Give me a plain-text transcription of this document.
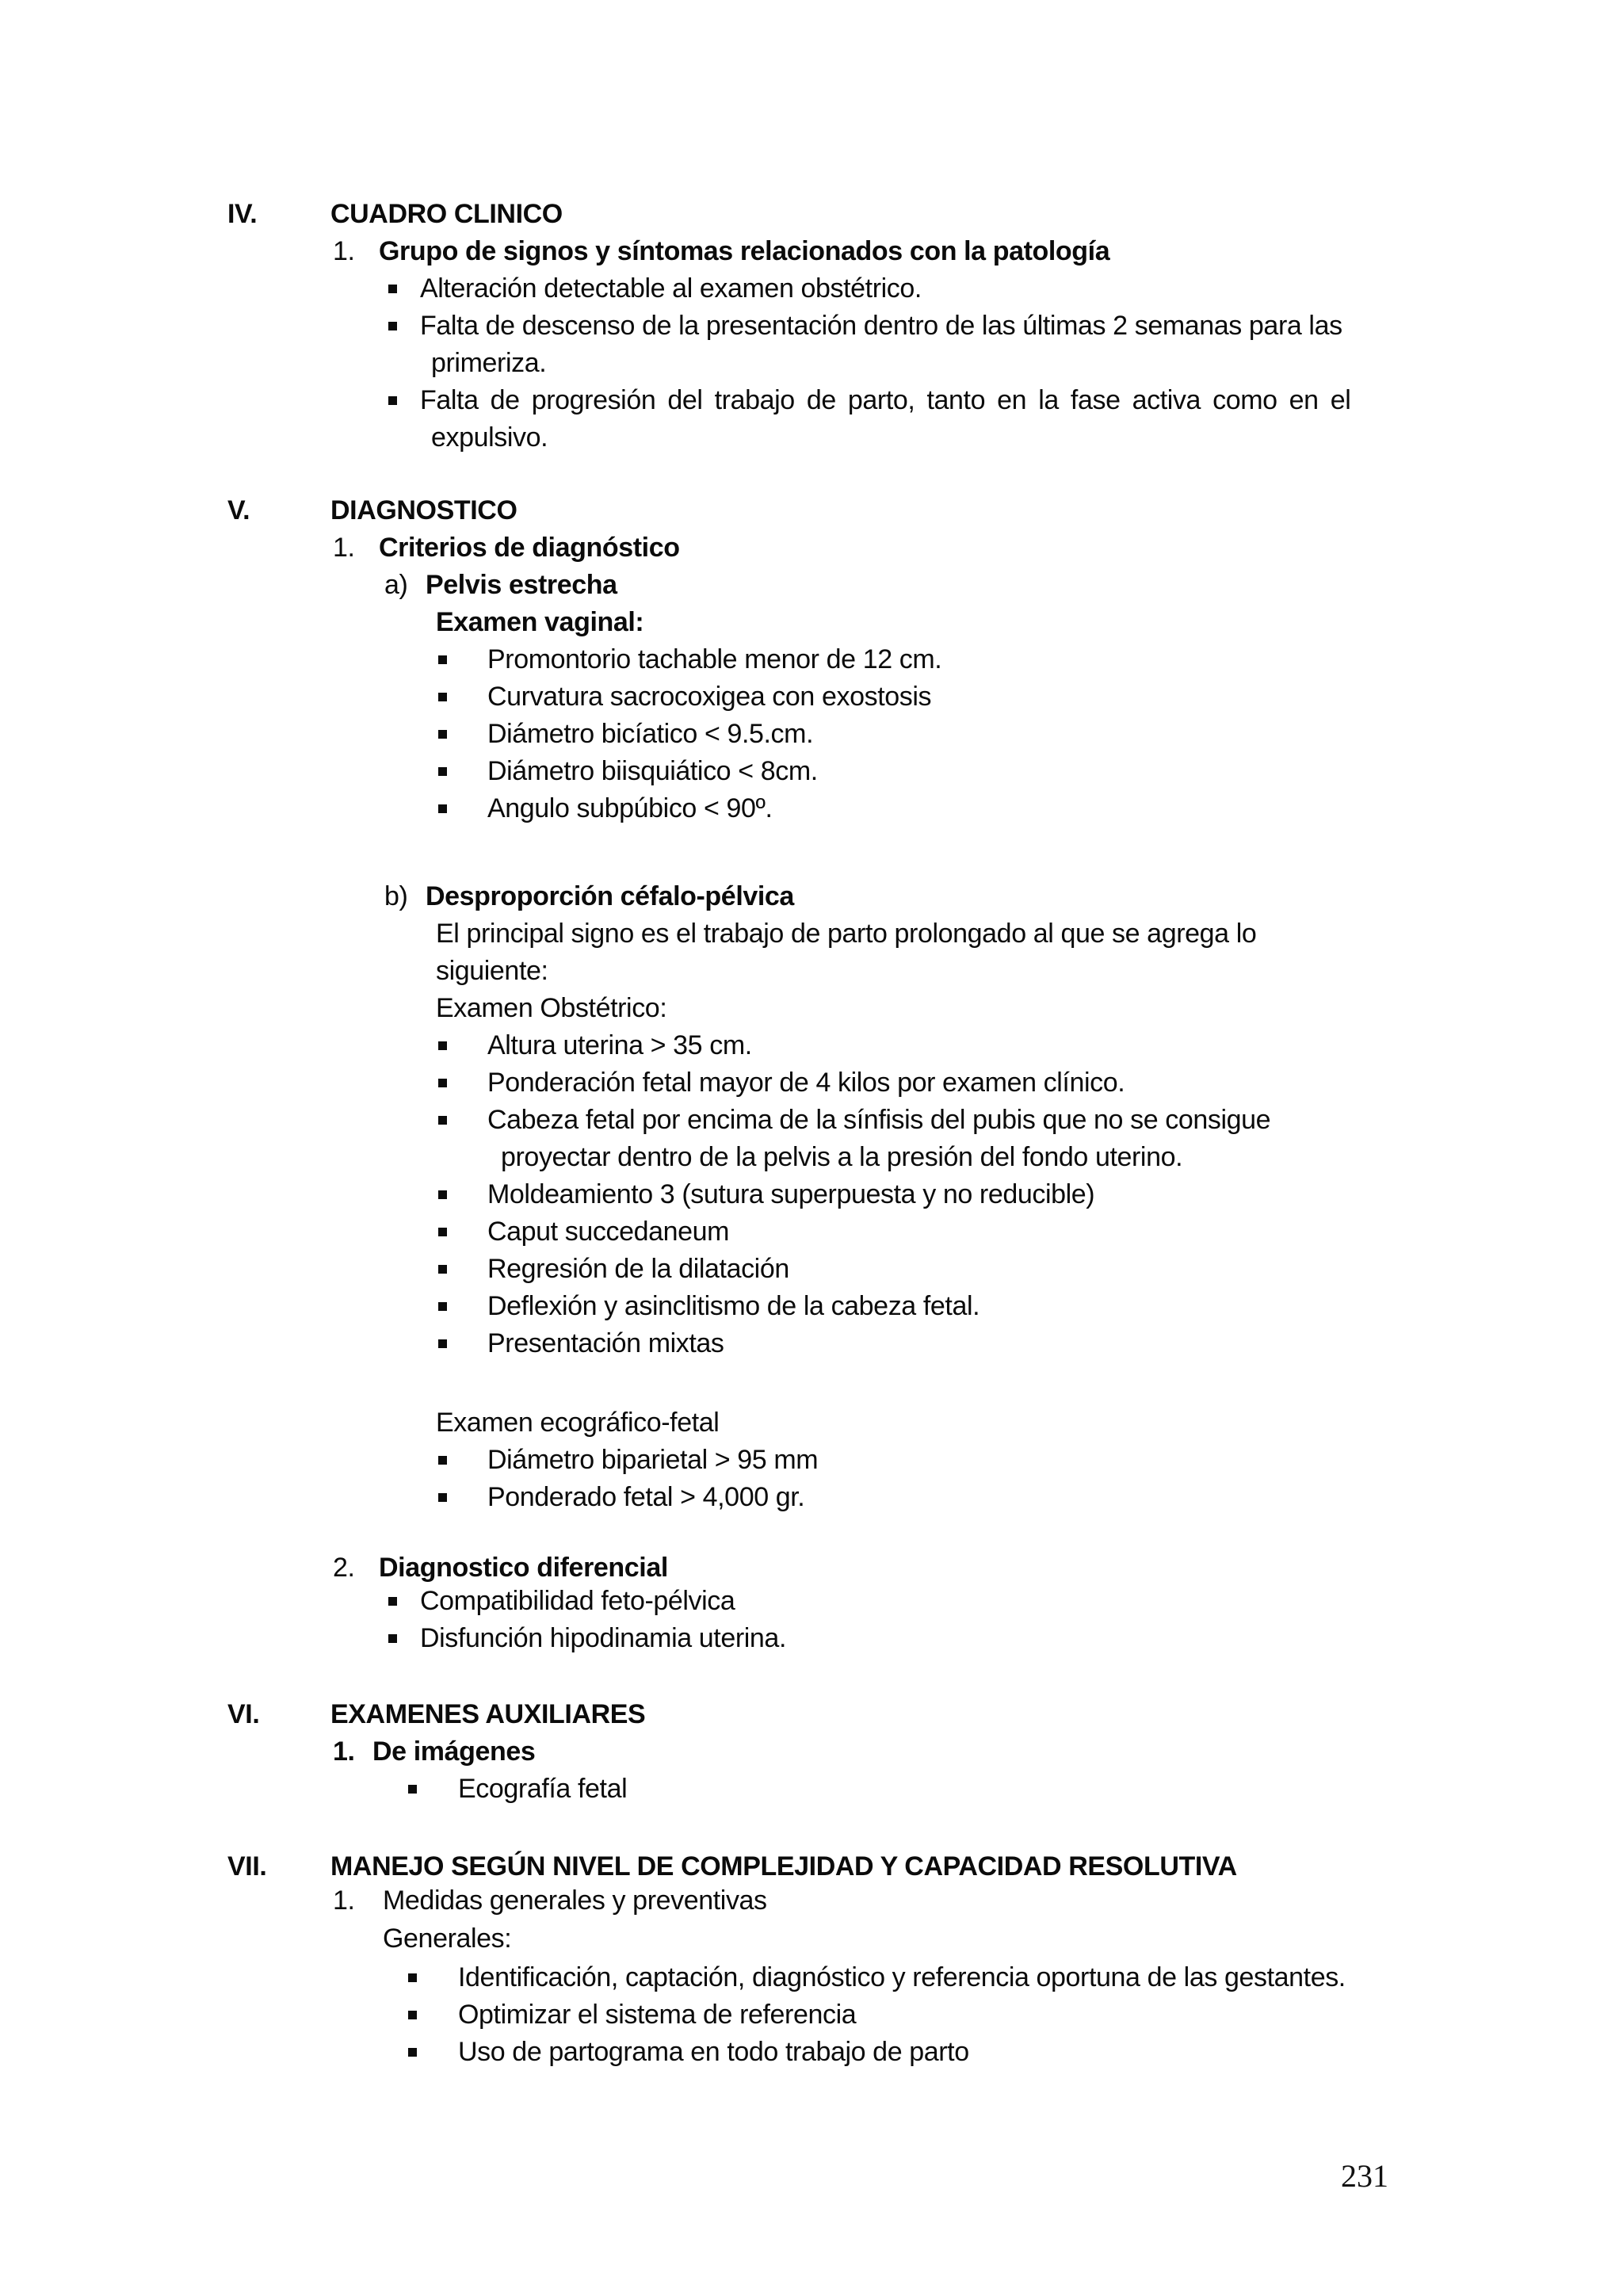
IV.	CUADRO CLINICO
1. Grupo de signos y síntomas relacionados con la patología
Alteración detectable al examen obstétrico.
Falta de descenso de la presentación dentro de las últimas 2 semanas para las
primeriza.
Falta de progresión del trabajo de parto, tanto en la fase activa como en el
expulsivo.
V.	DIAGNOSTICO
1. Criterios de diagnóstico
a) Pelvis estrecha
Examen vaginal:
Promontorio tachable menor de 12 cm.
Curvatura sacrocoxigea con exostosis
Diámetro bicíatico < 9.5.cm.
Diámetro biisquiático < 8cm.
Angulo subpúbico < 90º.
b) Desproporción céfalo-pélvica
El principal signo es el trabajo de parto prolongado al que se agrega lo
siguiente:
Examen Obstétrico:
Altura uterina > 35 cm.
Ponderación fetal mayor de 4 kilos por examen clínico.
Cabeza fetal por encima de la sínfisis del pubis que no se consigue
proyectar dentro de la pelvis a la presión del fondo uterino.
Moldeamiento 3 (sutura superpuesta y no reducible)
Caput succedaneum
Regresión de la dilatación
Deflexión y asinclitismo de la cabeza fetal.
Presentación mixtas
Examen ecográfico-fetal
Diámetro biparietal > 95 mm
Ponderado fetal > 4,000 gr.
2. Diagnostico diferencial
Compatibilidad feto-pélvica
Disfunción hipodinamia uterina.
VI.	EXAMENES AUXILIARES
1. De imágenes
Ecografía fetal
VII. MANEJO SEGÚN NIVEL DE COMPLEJIDAD Y CAPACIDAD RESOLUTIVA
1. Medidas generales y preventivas
Generales:
Identificación, captación, diagnóstico y referencia oportuna de las gestantes.
Optimizar el sistema de referencia
Uso de partograma en todo trabajo de parto
231
